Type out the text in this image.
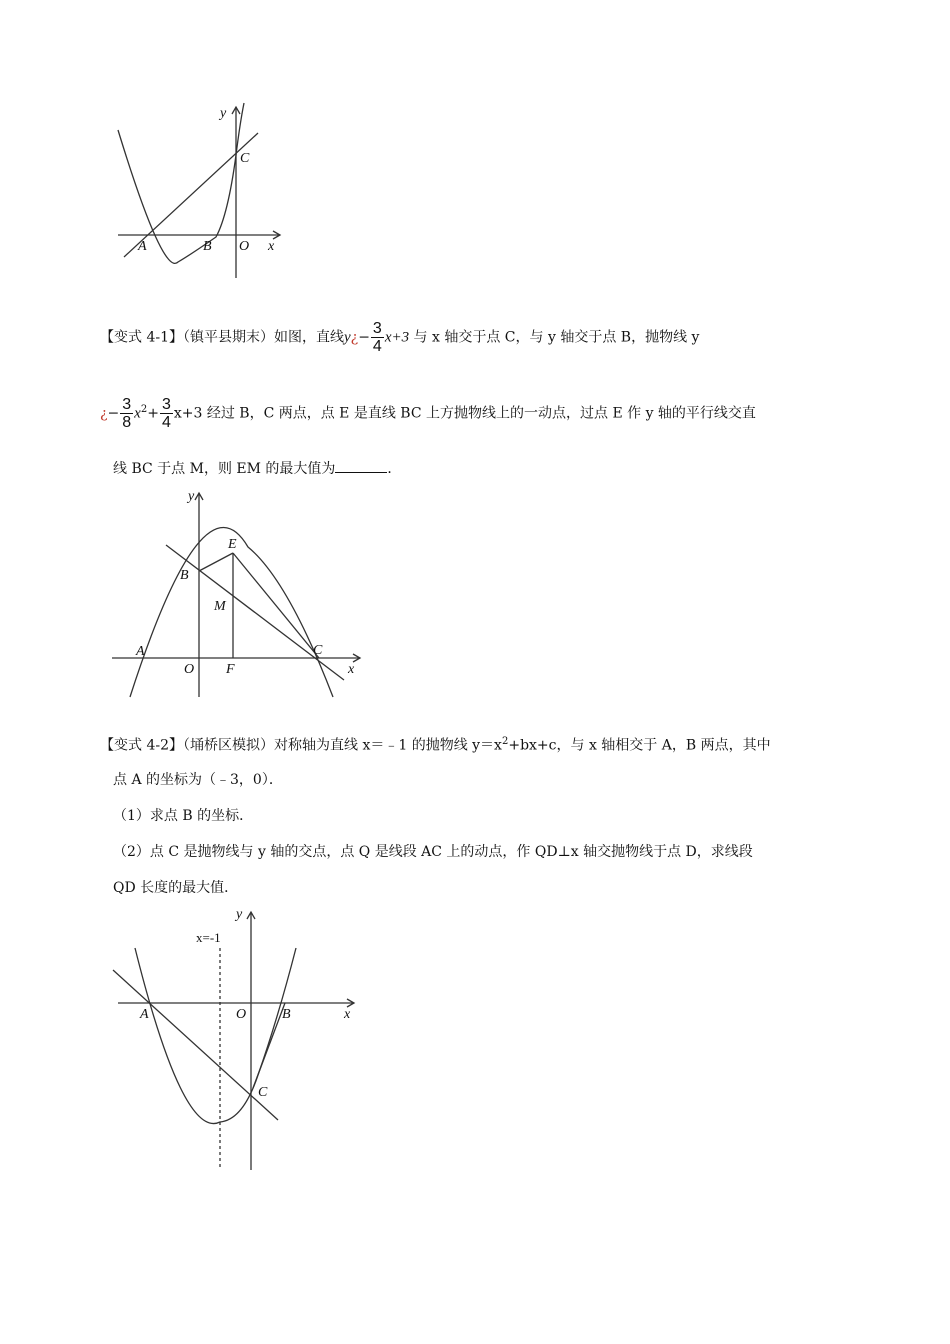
y
C
A	B O x
【变式 4-1】（镇平县期末）如图，直线y¿− $\frac{3}{4} x+3$ 与 x 轴交于点 C，与 y 轴交于点 B，抛物线 y
¿− $\frac{3}{8} x^2+ \frac{3}{4} x+3$ 经过 B，C 两点，点 E 是直线 BC 上方抛物线上的一动点，过点 E 作 y 轴的平行线交直
线 BC 于点 M，则 EM 的最大值为	．
y
E
B
M
A
O F
C
x
【变式 4-2】（埇桥区模拟）对称轴为直线 x＝﹣1 的抛物线 $y=x^2+bx+c$，与 x 轴相交于 A，B 两点，其中
点 A 的坐标为（﹣3，0）．
（1）求点 B 的坐标．
（2）点 C 是抛物线与 y 轴的交点，点 Q 是线段 AC 上的动点，作 QD⊥x 轴交抛物线于点 D，求线段
QD 长度的最大值．
x=-1
y
A	O	B	x
C
